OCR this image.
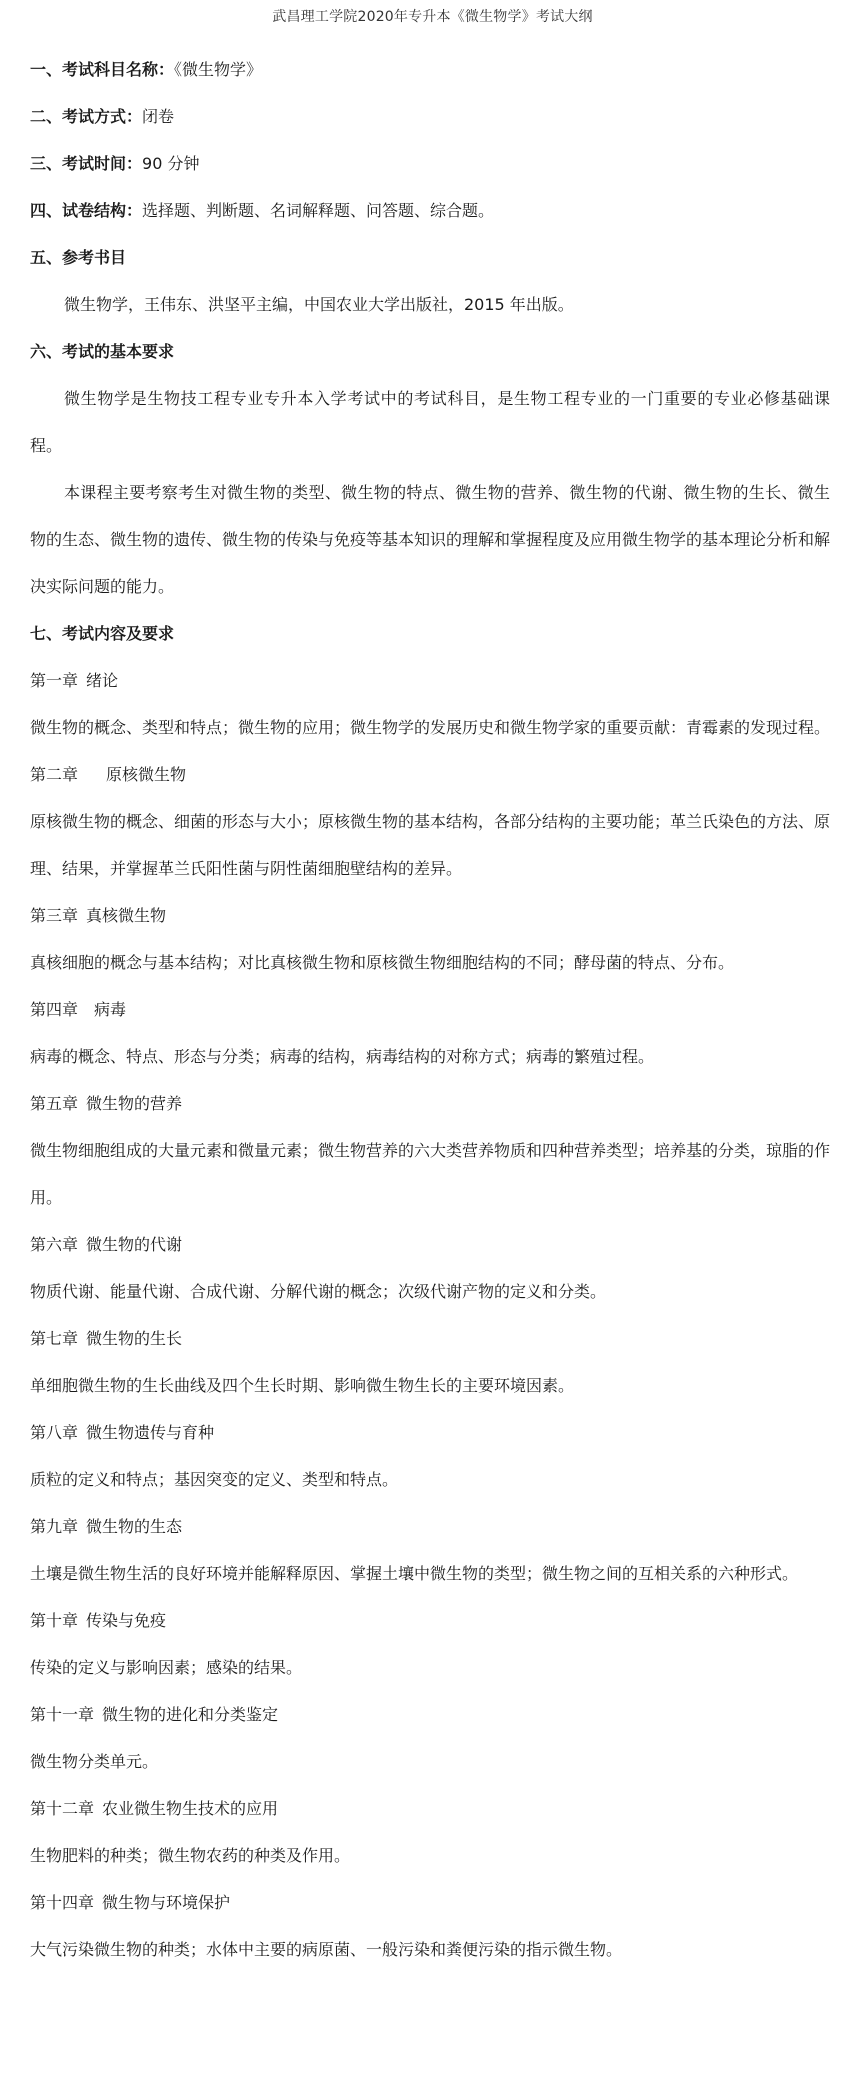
武昌理工学院2020年专升本《微生物学》考试大纲
一、考试科目名称：《微生物学》
二、考试方式：闭卷
三、考试时间：90 分钟
四、试卷结构：选择题、判断题、名词解释题、问答题、综合题。
五、参考书目
微生物学，王伟东、洪坚平主编，中国农业大学出版社，2015 年出版。
六、考试的基本要求
微生物学是生物技工程专业专升本入学考试中的考试科目，是生物工程专业的一门重要的专业必修基础课程。
本课程主要考察考生对微生物的类型、微生物的特点、微生物的营养、微生物的代谢、微生物的生长、微生物的生态、微生物的遗传、微生物的传染与免疫等基本知识的理解和掌握程度及应用微生物学的基本理论分析和解决实际问题的能力。
七、考试内容及要求
第一章 绪论
微生物的概念、类型和特点；微生物的应用；微生物学的发展历史和微生物学家的重要贡献：青霉素的发现过程。
第二章 原核微生物
原核微生物的概念、细菌的形态与大小；原核微生物的基本结构，各部分结构的主要功能；革兰氏染色的方法、原理、结果，并掌握革兰氏阳性菌与阴性菌细胞壁结构的差异。
第三章 真核微生物
真核细胞的概念与基本结构；对比真核微生物和原核微生物细胞结构的不同；酵母菌的特点、分布。
第四章 病毒
病毒的概念、特点、形态与分类；病毒的结构，病毒结构的对称方式；病毒的繁殖过程。
第五章 微生物的营养
微生物细胞组成的大量元素和微量元素；微生物营养的六大类营养物质和四种营养类型；培养基的分类，琼脂的作用。
第六章 微生物的代谢
物质代谢、能量代谢、合成代谢、分解代谢的概念；次级代谢产物的定义和分类。
第七章 微生物的生长
单细胞微生物的生长曲线及四个生长时期、影响微生物生长的主要环境因素。
第八章 微生物遗传与育种
质粒的定义和特点；基因突变的定义、类型和特点。
第九章 微生物的生态
土壤是微生物生活的良好环境并能解释原因、掌握土壤中微生物的类型；微生物之间的互相关系的六种形式。
第十章 传染与免疫
传染的定义与影响因素；感染的结果。
第十一章 微生物的进化和分类鉴定
微生物分类单元。
第十二章 农业微生物生技术的应用
生物肥料的种类；微生物农药的种类及作用。
第十四章 微生物与环境保护
大气污染微生物的种类；水体中主要的病原菌、一般污染和粪便污染的指示微生物。
